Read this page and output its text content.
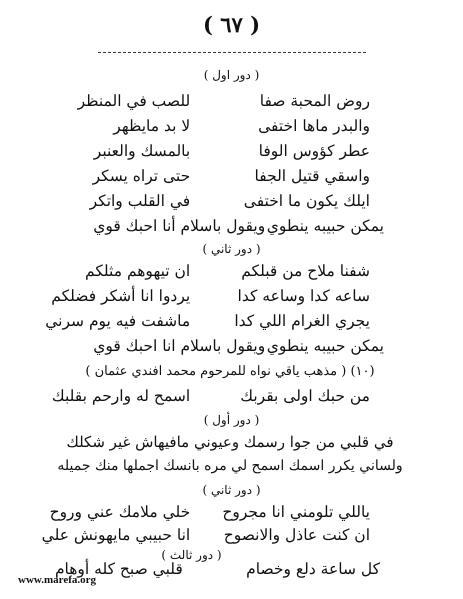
( ٦٧ )
( دور اول )
روض المحبة صفا
للصب في المنظر
والبدر ماها اختفى
لا بد مايظهر
عطر كؤوس الوفا
بالمسك والعنبر
واسقي قتيل الجفا
حتى تراه يسكر
ايلك يكون ما اختفى
في القلب واتكر
يمكن حبيبه ينطوي
ويقول باسلام أنا احبك قوي
( دور ثاني )
شفنا ملاح من قبلكم
ان تيهوهم مثلكم
ساعه كدا وساعه كدا
يردوا انا أشكر فضلكم
يجري الغرام اللي كدا
ماشفت فيه يوم سرني
يمكن حبيبه ينطوي
ويقول باسلام انا احبك قوي
(١٠) ( مذهب ياقي نواه للمرحوم محمد افندي عثمان )
من حبك اولى بقربك
اسمح له وارحم بقلبك
( دور أول )
في قلبي من جوا رسمك وعيوني مافيهاش غير شكلك
ولساني يكرر اسمك اسمح لي مره بانسك اجملها منك جميله
( دور ثاني )
ياللي تلومني انا مجروح
خلي ملامك عني وروح
ان كنت عاذل والانصوح
انا حبيبي مايهونش علي
( دور ثالث )
كل ساعة دلع وخصام
قلبي صبح كله أوهام
www.marefa.org
